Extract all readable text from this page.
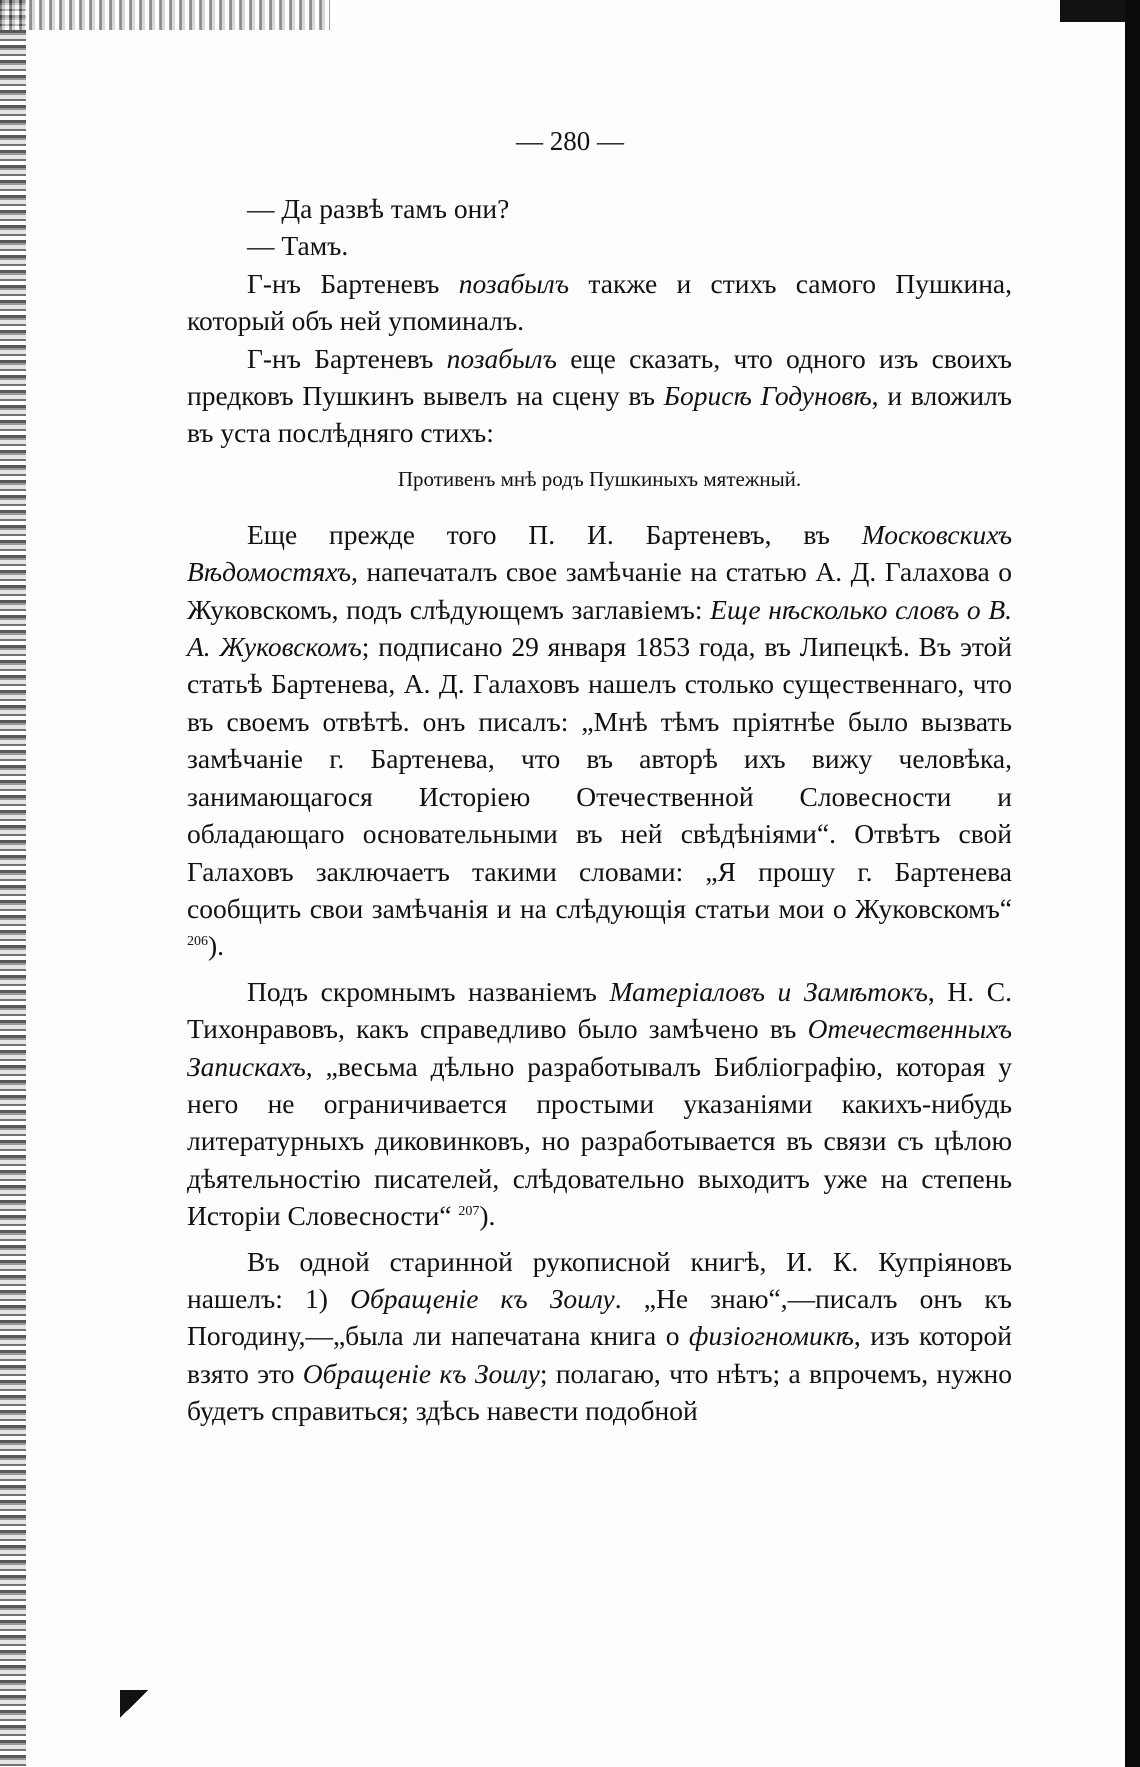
— 280 —

— Да развѣ тамъ они?

— Тамъ.

Г-нъ Бартеневъ позабылъ также и стихъ самого Пушкина, который объ ней упоминалъ.

Г-нъ Бартеневъ позабылъ еще сказать, что одного изъ своихъ предковъ Пушкинъ вывелъ на сцену въ Борисѣ Годуновѣ, и вложилъ въ уста послѣдняго стихъ:

Противенъ мнѣ родъ Пушкиныхъ мятежный.

Еще прежде того П. И. Бартеневъ, въ Московскихъ Вѣдомостяхъ, напечаталъ свое замѣчаніе на статью А. Д. Галахова о Жуковскомъ, подъ слѣдующемъ заглавіемъ: Еще нѣсколько словъ о В. А. Жуковскомъ; подписано 29 января 1853 года, въ Липецкѣ. Въ этой статьѣ Бартенева, А. Д. Галаховъ нашелъ столько существеннаго, что въ своемъ отвѣтѣ. онъ писалъ: „Мнѣ тѣмъ пріятнѣе было вызвать замѣчаніе г. Бартенева, что въ авторѣ ихъ вижу человѣка, занимающагося Исторіею Отечественной Словесности и обладающаго основательными въ ней свѣдѣніями“. Отвѣтъ свой Галаховъ заключаетъ такими словами: „Я прошу г. Бартенева сообщить свои замѣчанія и на слѣдующія статьи мои о Жуковскомъ“ $^{206}$).

Подъ скромнымъ названіемъ Матеріаловъ и Замѣтокъ, Н. С. Тихонравовъ, какъ справедливо было замѣчено въ Отечественныхъ Запискахъ, „весьма дѣльно разработывалъ Библіографію, которая у него не ограничивается простыми указаніями какихъ-нибудь литературныхъ диковинковъ, но разработывается въ связи съ цѣлою дѣятельностію писателей, слѣдовательно выходитъ уже на степень Исторіи Словесности“ $^{207}$).

Въ одной старинной рукописной книгѣ, И. К. Купріяновъ нашелъ: 1) Обращеніе къ Зоилу. „Не знаю“,—писалъ онъ къ Погодину,—„была ли напечатана книга о физіогномикѣ, изъ которой взято это Обращеніе къ Зоилу; полагаю, что нѣтъ; а впрочемъ, нужно будетъ справиться; здѣсь навести подобной
